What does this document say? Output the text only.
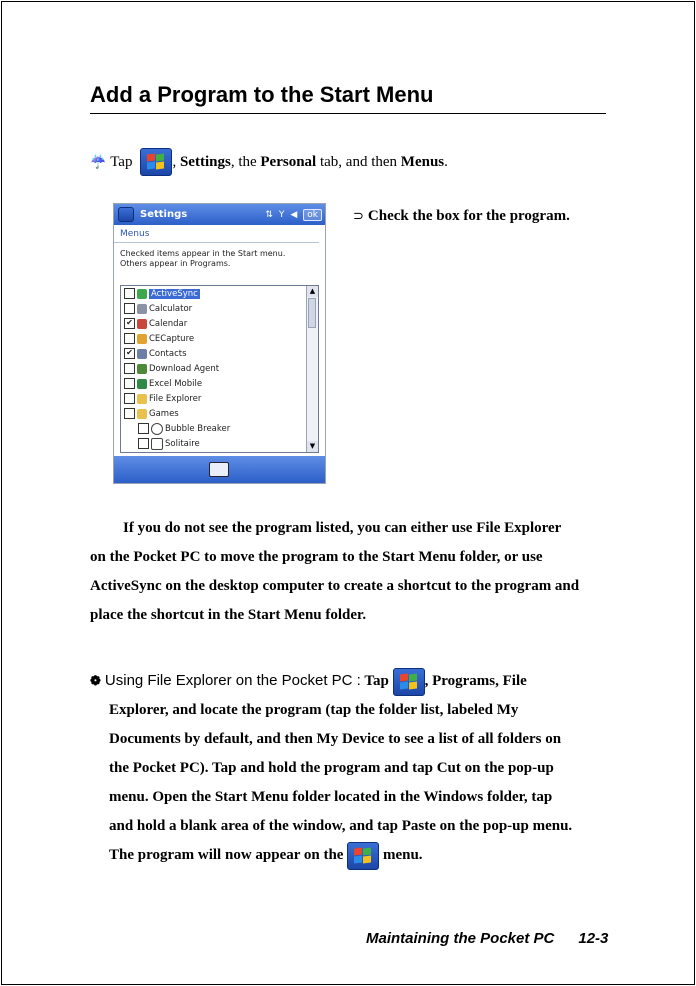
Add a Program to the Start Menu
☔ Tap	,
Settings , the
Personal
tab, and then
Menus .
Settings	⇅ Y ◀	ok
Menus
Checked items appear in the Start menu.
Others appear in Programs.
ActiveSync
Calculator
✔ Calendar
CECapture
✔ Contacts
Download Agent
Excel Mobile
File Explorer
Games
Bubble Breaker
Solitaire
▲
▼
⊃ Check the box for the program.
If you do not see the program listed, you can either use File Explorer
on the Pocket PC to move the program to the Start Menu folder, or use
ActiveSync on the desktop computer to create a shortcut to the program and
place the shortcut in the Start Menu folder.
❁ Using File Explorer on the Pocket PC : Tap , Programs, File
Explorer, and locate the program (tap the folder list, labeled My
Documents by default, and then My Device to see a list of all folders on
the Pocket PC). Tap and hold the program and tap Cut on the pop-up
menu. Open the Start Menu folder located in the Windows folder, tap
and hold a blank area of the window, and tap Paste on the pop-up menu.
The program will now appear on the	menu.
Maintaining the Pocket PC 12-3
